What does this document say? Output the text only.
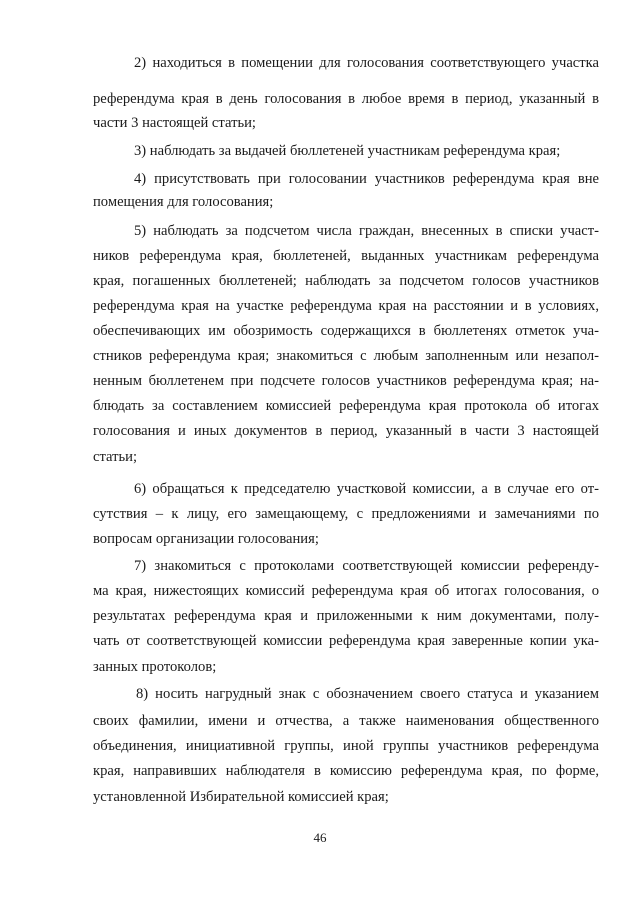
2) находиться в помещении для голосования соответствующего участка

референдума края в день голосования в любое время в период, указанный в

части 3 настоящей статьи;

3) наблюдать за выдачей бюллетеней участникам референдума края;

4) присутствовать при голосовании участников референдума края вне

помещения для голосования;

5) наблюдать за подсчетом числа граждан, внесенных в списки участ-

ников референдума края, бюллетеней, выданных участникам референдума

края, погашенных бюллетеней; наблюдать за подсчетом голосов участников

референдума края на участке референдума края на расстоянии и в условиях,

обеспечивающих им обозримость содержащихся в бюллетенях отметок уча-

стников референдума края; знакомиться с любым заполненным или незапол-

ненным бюллетенем при подсчете голосов участников референдума края; на-

блюдать за составлением комиссией референдума края протокола об итогах

голосования и иных документов в период, указанный в части 3 настоящей

статьи;

6) обращаться к председателю участковой комиссии, а в случае его от-

сутствия – к лицу, его замещающему, с предложениями и замечаниями по

вопросам организации голосования;

7) знакомиться с протоколами соответствующей комиссии референду-

ма края, нижестоящих комиссий референдума края об итогах голосования, о

результатах референдума края и приложенными к ним документами, полу-

чать от соответствующей комиссии референдума края заверенные копии ука-

занных протоколов;

8) носить нагрудный знак с обозначением своего статуса и указанием

своих фамилии, имени и отчества, а также наименования общественного

объединения, инициативной группы, иной группы участников референдума

края, направивших наблюдателя в комиссию референдума края, по форме,

установленной Избирательной комиссией края;

46
